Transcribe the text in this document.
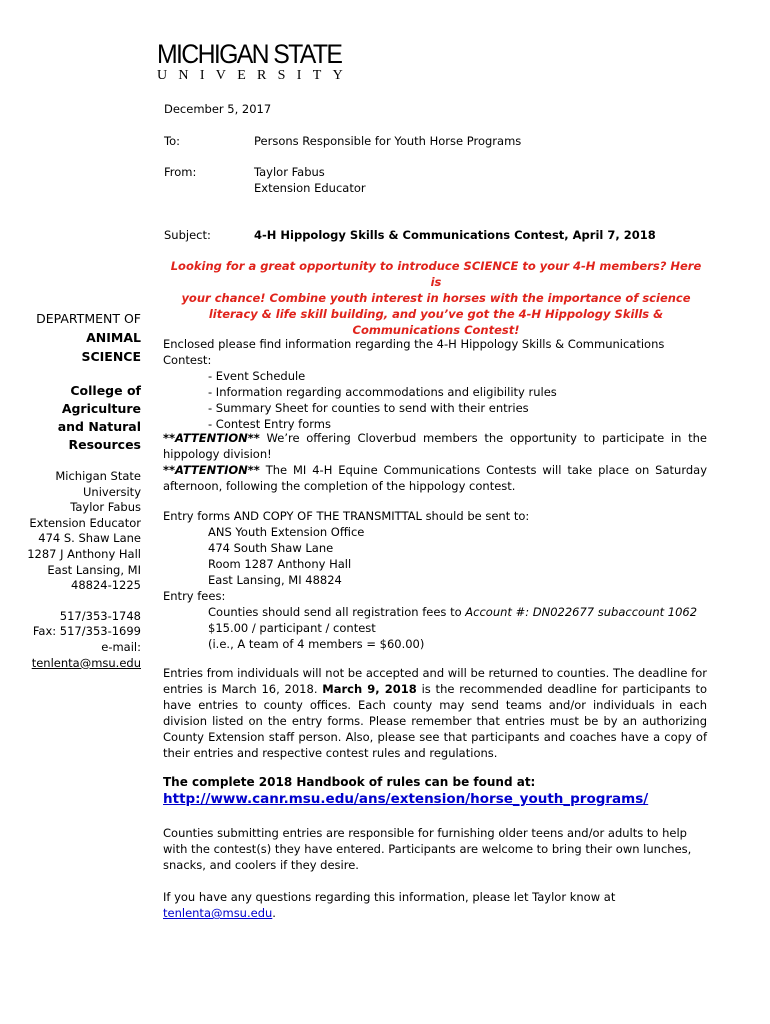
MICHIGAN STATE
UNIVERSITY
December 5, 2017
To:	Persons Responsible for Youth Horse Programs
From:	Taylor Fabus
Extension Educator
Subject:	4-H Hippology Skills & Communications Contest, April 7, 2018
Looking for a great opportunity to introduce SCIENCE to your 4-H members? Here is
your chance! Combine youth interest in horses with the importance of science
literacy & life skill building, and you’ve got the 4-H Hippology Skills &
Communications Contest!
DEPARTMENT OF
ANIMAL
SCIENCE
College of
Agriculture
and Natural
Resources
Michigan State
University
Taylor Fabus
Extension Educator
474 S. Shaw Lane
1287 J Anthony Hall
East Lansing, MI
48824-1225
517/353-1748
Fax: 517/353-1699
e-mail:
tenlenta@msu.edu
Enclosed please find information regarding the 4-H Hippology Skills & Communications Contest:
- Event Schedule
- Information regarding accommodations and eligibility rules
- Summary Sheet for counties to send with their entries
- Contest Entry forms
**ATTENTION** We’re offering Cloverbud members the opportunity to participate in the hippology division!
**ATTENTION** The MI 4-H Equine Communications Contests will take place on Saturday afternoon, following the completion of the hippology contest.
Entry forms AND COPY OF THE TRANSMITTAL should be sent to:
ANS Youth Extension Office
474 South Shaw Lane
Room 1287 Anthony Hall
East Lansing, MI 48824
Entry fees:
Counties should send all registration fees to Account #: DN022677 subaccount 1062
$15.00 / participant / contest
(i.e., A team of 4 members = $60.00)
Entries from individuals will not be accepted and will be returned to counties. The deadline for entries is March 16, 2018. March 9, 2018 is the recommended deadline for participants to have entries to county offices. Each county may send teams and/or individuals in each division listed on the entry forms. Please remember that entries must be by an authorizing County Extension staff person. Also, please see that participants and coaches have a copy of their entries and respective contest rules and regulations.
The complete 2018 Handbook of rules can be found at:
http://www.canr.msu.edu/ans/extension/horse_youth_programs/
Counties submitting entries are responsible for furnishing older teens and/or adults to help with the contest(s) they have entered. Participants are welcome to bring their own lunches, snacks, and coolers if they desire.
If you have any questions regarding this information, please let Taylor know at
tenlenta@msu.edu.
